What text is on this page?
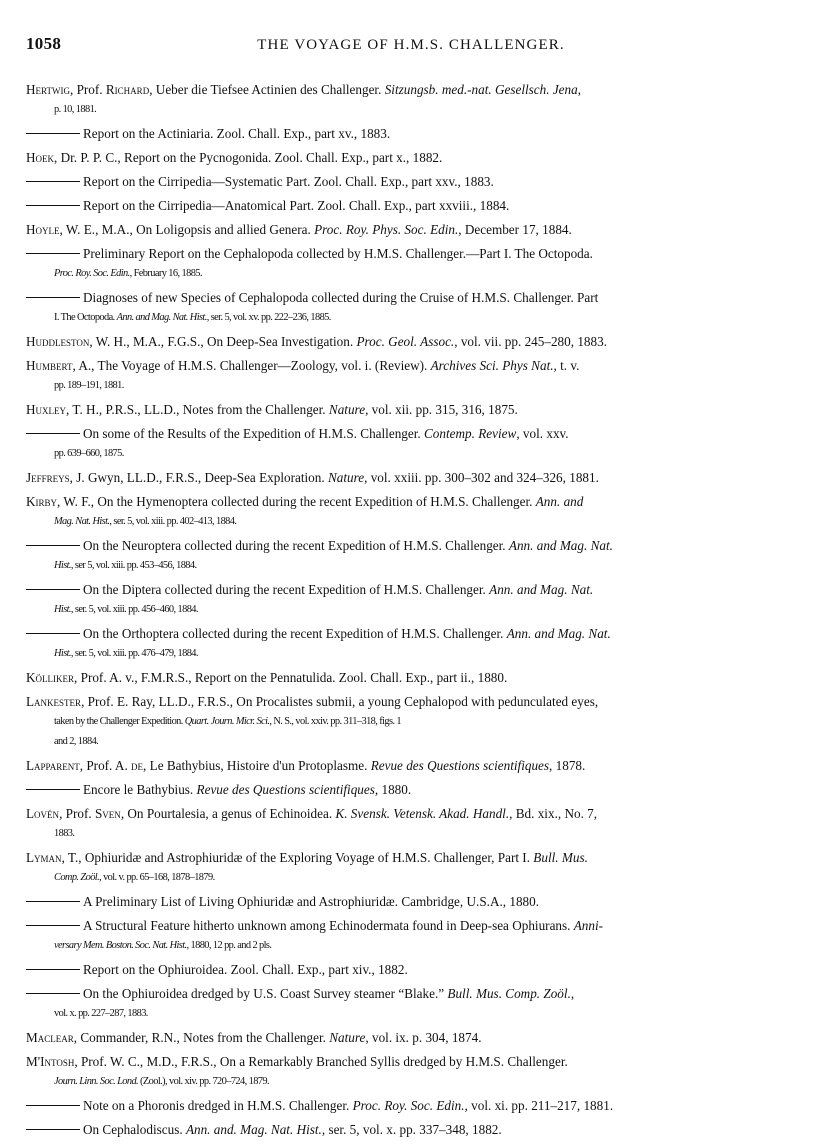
1058	THE VOYAGE OF H.M.S. CHALLENGER.
Hertwig, Prof. Richard, Ueber die Tiefsee Actinien des Challenger. Sitzungsb. med.-nat. Gesellsch. Jena,
p. 10, 1881.
Report on the Actiniaria. Zool. Chall. Exp., part xv., 1883.
Hoek, Dr. P. P. C., Report on the Pycnogonida. Zool. Chall. Exp., part x., 1882.
Report on the Cirripedia—Systematic Part. Zool. Chall. Exp., part xxv., 1883.
Report on the Cirripedia—Anatomical Part. Zool. Chall. Exp., part xxviii., 1884.
Hoyle, W. E., M.A., On Loligopsis and allied Genera. Proc. Roy. Phys. Soc. Edin., December 17, 1884.
Preliminary Report on the Cephalopoda collected by H.M.S. Challenger.—Part I. The Octopoda.
Proc. Roy. Soc. Edin., February 16, 1885.
Diagnoses of new Species of Cephalopoda collected during the Cruise of H.M.S. Challenger. Part
I. The Octopoda. Ann. and Mag. Nat. Hist., ser. 5, vol. xv. pp. 222–236, 1885.
Huddleston, W. H., M.A., F.G.S., On Deep-Sea Investigation. Proc. Geol. Assoc., vol. vii. pp. 245–280, 1883.
Humbert, A., The Voyage of H.M.S. Challenger—Zoology, vol. i. (Review). Archives Sci. Phys Nat., t. v.
pp. 189–191, 1881.
Huxley, T. H., P.R.S., LL.D., Notes from the Challenger. Nature, vol. xii. pp. 315, 316, 1875.
On some of the Results of the Expedition of H.M.S. Challenger. Contemp. Review, vol. xxv.
pp. 639–660, 1875.
Jeffreys, J. Gwyn, LL.D., F.R.S., Deep-Sea Exploration. Nature, vol. xxiii. pp. 300–302 and 324–326, 1881.
Kirby, W. F., On the Hymenoptera collected during the recent Expedition of H.M.S. Challenger. Ann. and
Mag. Nat. Hist., ser. 5, vol. xiii. pp. 402–413, 1884.
On the Neuroptera collected during the recent Expedition of H.M.S. Challenger. Ann. and Mag. Nat.
Hist., ser 5, vol. xiii. pp. 453–456, 1884.
On the Diptera collected during the recent Expedition of H.M.S. Challenger. Ann. and Mag. Nat.
Hist., ser. 5, vol. xiii. pp. 456–460, 1884.
On the Orthoptera collected during the recent Expedition of H.M.S. Challenger. Ann. and Mag. Nat.
Hist., ser. 5, vol. xiii. pp. 476–479, 1884.
Kölliker, Prof. A. v., F.M.R.S., Report on the Pennatulida. Zool. Chall. Exp., part ii., 1880.
Lankester, Prof. E. Ray, LL.D., F.R.S., On Procalistes submii, a young Cephalopod with pedunculated eyes,
taken by the Challenger Expedition. Quart. Journ. Micr. Sci., N. S., vol. xxiv. pp. 311–318, figs. 1
and 2, 1884.
Lapparent, Prof. A. de, Le Bathybius, Histoire d'un Protoplasme. Revue des Questions scientifiques, 1878.
Encore le Bathybius. Revue des Questions scientifiques, 1880.
Lovén, Prof. Sven, On Pourtalesia, a genus of Echinoidea. K. Svensk. Vetensk. Akad. Handl., Bd. xix., No. 7,
1883.
Lyman, T., Ophiuridæ and Astrophiuridæ of the Exploring Voyage of H.M.S. Challenger, Part I. Bull. Mus.
Comp. Zoöl., vol. v. pp. 65–168, 1878–1879.
A Preliminary List of Living Ophiuridæ and Astrophiuridæ. Cambridge, U.S.A., 1880.
A Structural Feature hitherto unknown among Echinodermata found in Deep-sea Ophiurans. Anni-
versary Mem. Boston. Soc. Nat. Hist., 1880, 12 pp. and 2 pls.
Report on the Ophiuroidea. Zool. Chall. Exp., part xiv., 1882.
On the Ophiuroidea dredged by U.S. Coast Survey steamer “Blake.” Bull. Mus. Comp. Zoöl.,
vol. x. pp. 227–287, 1883.
Maclear, Commander, R.N., Notes from the Challenger. Nature, vol. ix. p. 304, 1874.
M'Intosh, Prof. W. C., M.D., F.R.S., On a Remarkably Branched Syllis dredged by H.M.S. Challenger.
Journ. Linn. Soc. Lond. (Zool.), vol. xiv. pp. 720–724, 1879.
Note on a Phoronis dredged in H.M.S. Challenger. Proc. Roy. Soc. Edin., vol. xi. pp. 211–217, 1881.
On Cephalodiscus. Ann. and. Mag. Nat. Hist., ser. 5, vol. x. pp. 337–348, 1882.
